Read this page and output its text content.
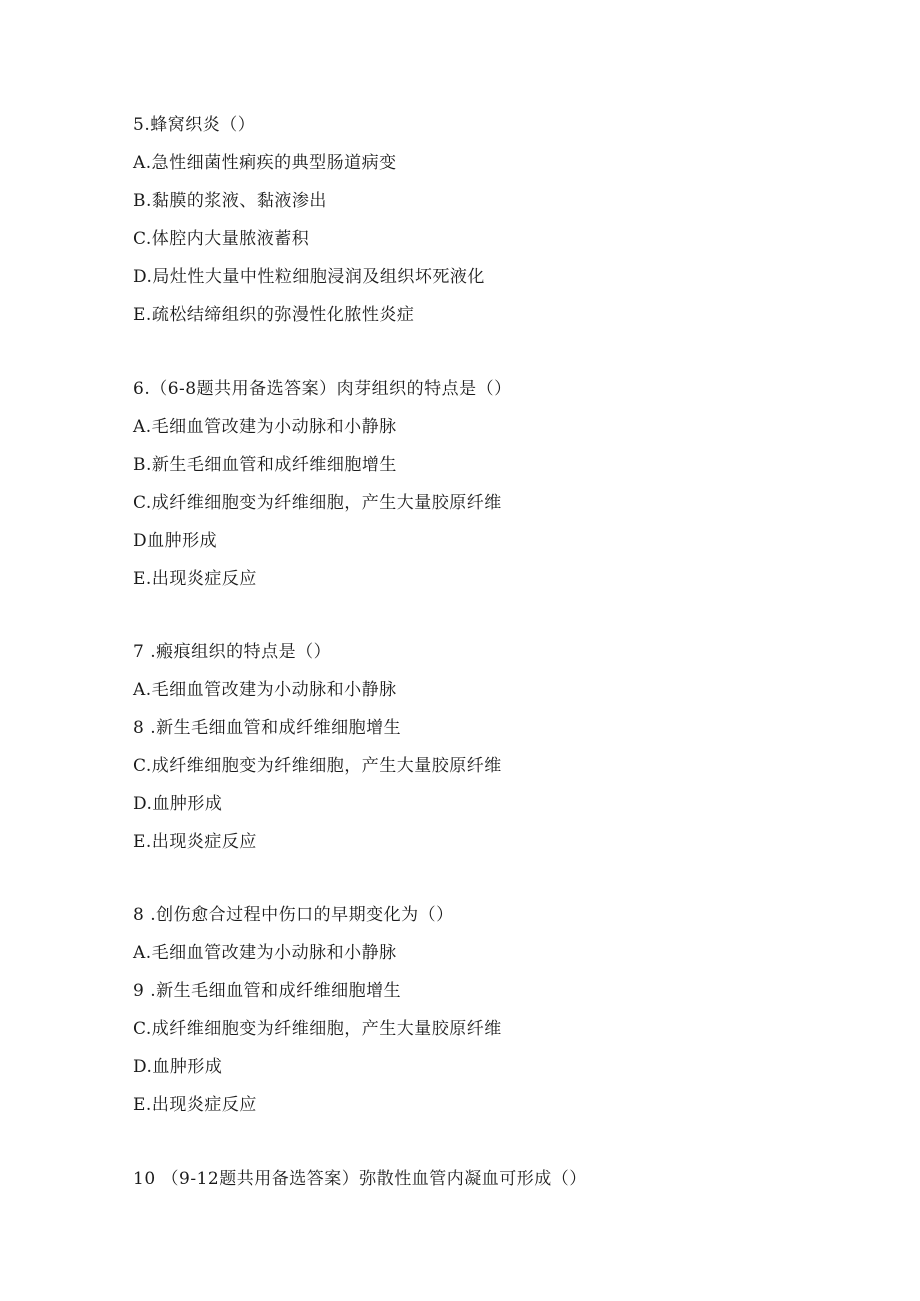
5.蜂窝织炎（）
A.急性细菌性痢疾的典型肠道病变
B.黏膜的浆液、黏液渗出
C.体腔内大量脓液蓄积
D.局灶性大量中性粒细胞浸润及组织坏死液化
E.疏松结缔组织的弥漫性化脓性炎症
6.（6-8题共用备选答案）肉芽组织的特点是（）
A.毛细血管改建为小动脉和小静脉
B.新生毛细血管和成纤维细胞增生
C.成纤维细胞变为纤维细胞，产生大量胶原纤维
D血肿形成
E.出现炎症反应
7 .瘢痕组织的特点是（）
A.毛细血管改建为小动脉和小静脉
8 .新生毛细血管和成纤维细胞增生
C.成纤维细胞变为纤维细胞，产生大量胶原纤维
D.血肿形成
E.出现炎症反应
8 .创伤愈合过程中伤口的早期变化为（）
A.毛细血管改建为小动脉和小静脉
9 .新生毛细血管和成纤维细胞增生
C.成纤维细胞变为纤维细胞，产生大量胶原纤维
D.血肿形成
E.出现炎症反应
10 （9-12题共用备选答案）弥散性血管内凝血可形成（）
